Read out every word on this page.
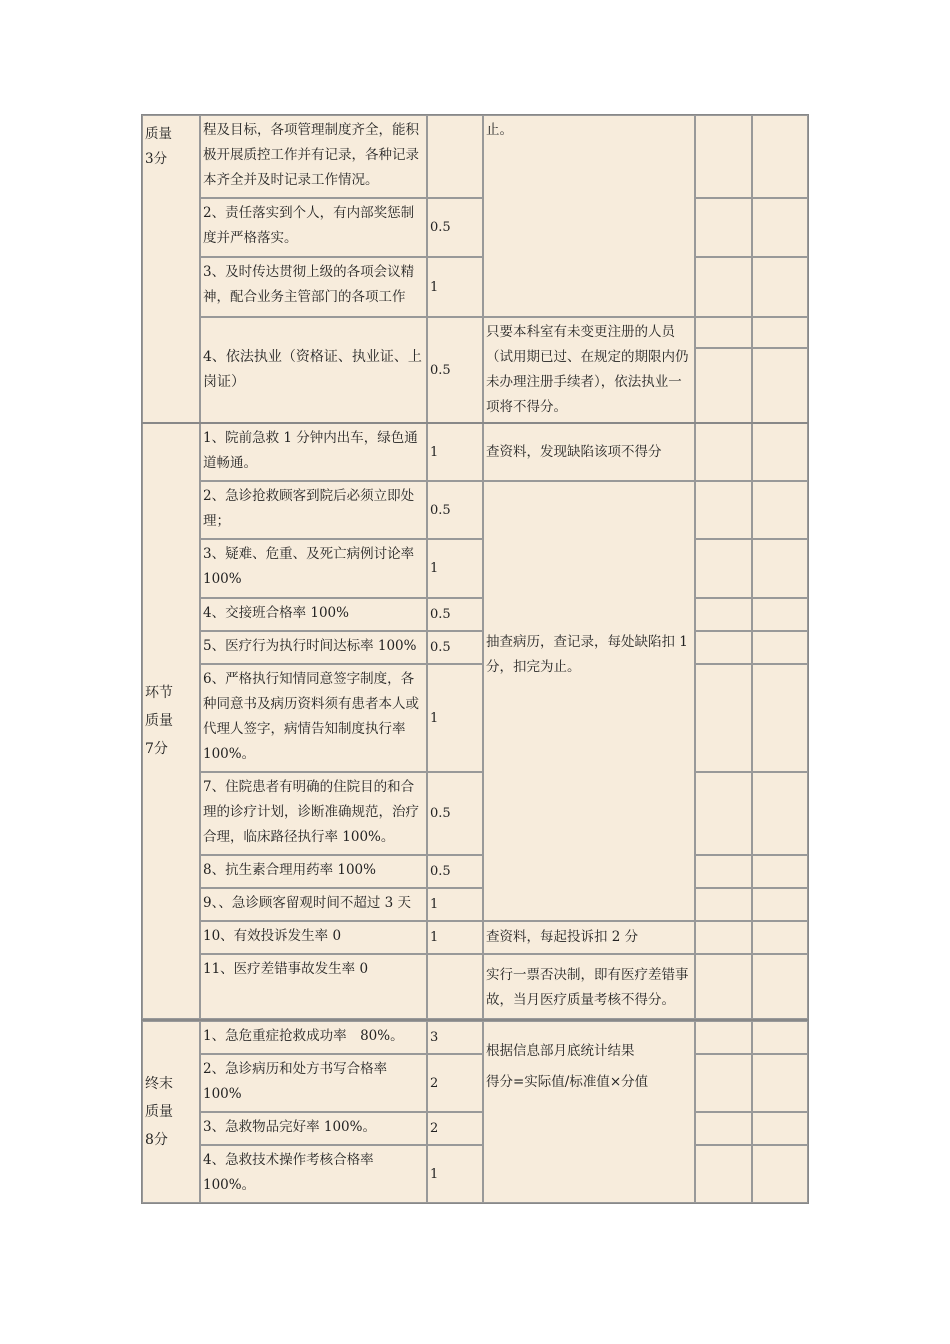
质量
3分
环节
质量
7分
终末
质量
8分
程及目标，各项管理制度齐全，能积极开展质控工作并有记录，各种记录本齐全并及时记录工作情况。
2、责任落实到个人，有内部奖惩制度并严格落实。
3、及时传达贯彻上级的各项会议精神，配合业务主管部门的各项工作
4、依法执业（资格证、执业证、上岗证）
1、院前急救 1 分钟内出车，绿色通道畅通。
2、急诊抢救顾客到院后必须立即处理；
3、疑难、危重、及死亡病例讨论率 100%
4、交接班合格率 100%
5、医疗行为执行时间达标率 100%
6、严格执行知情同意签字制度，各种同意书及病历资料须有患者本人或代理人签字，病情告知制度执行率 100%。
7、住院患者有明确的住院目的和合理的诊疗计划，诊断准确规范，治疗合理，临床路径执行率 100%。
8、抗生素合理用药率 100%
9、、急诊顾客留观时间不超过 3 天
10、有效投诉发生率 0
11、医疗差错事故发生率 0
1、急危重症抢救成功率　80%。
2、急诊病历和处方书写合格率 100%
3、急救物品完好率 100%。
4、急救技术操作考核合格率 100%。
0.5
1
0.5
1
0.5
1
0.5
0.5
1
0.5
0.5
1
1
3
2
2
1
止。
只要本科室有未变更注册的人员（试用期已过、在规定的期限内仍未办理注册手续者），依法执业一项将不得分。
查资料，发现缺陷该项不得分
抽查病历，查记录，每处缺陷扣 1 分，扣完为止。
查资料，每起投诉扣 2 分
实行一票否决制，即有医疗差错事故，当月医疗质量考核不得分。
根据信息部月底统计结果
得分=实际值/标准值×分值
